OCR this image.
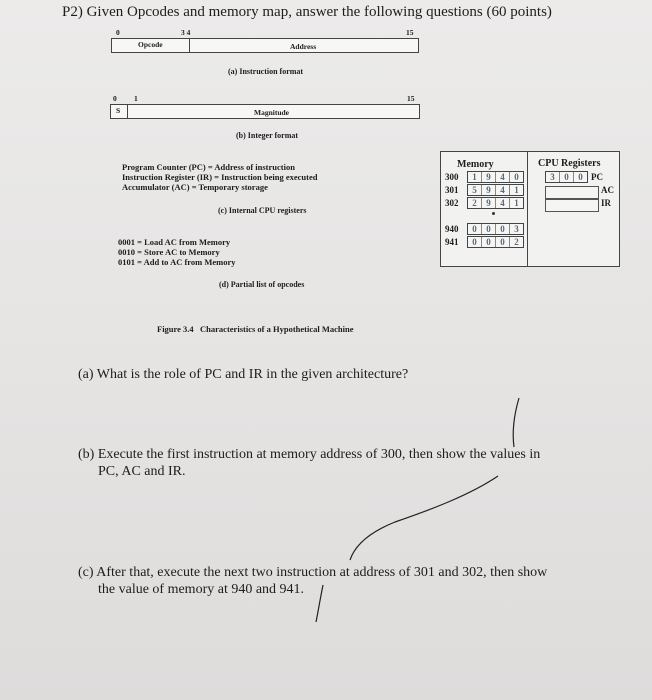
P2) Given Opcodes and memory map, answer the following questions (60 points)
0	3 4	15
Opcode	Address
(a) Instruction format
0 1	15
S	Magnitude
(b) Integer format
Program Counter (PC) = Address of instruction
Instruction Register (IR) = Instruction being executed
Accumulator (AC) = Temporary storage
(c) Internal CPU registers
0001 = Load AC from Memory
0010 = Store AC to Memory
0101 = Add to AC from Memory
(d) Partial list of opcodes
Memory	CPU Registers
300	1	9	4	0
301	5	9	4	1
302	2	9	4	1
940	0	0	0	3
941	0	0	0	2
3	0	0 PC
AC
IR
Figure 3.4   Characteristics of a Hypothetical Machine
(a) What is the role of PC and IR in the given architecture?
(b) Execute the first instruction at memory address of 300, then show the values in
PC, AC and IR.
(c) After that, execute the next two instruction at address of 301 and 302, then show
the value of memory at 940 and 941.
